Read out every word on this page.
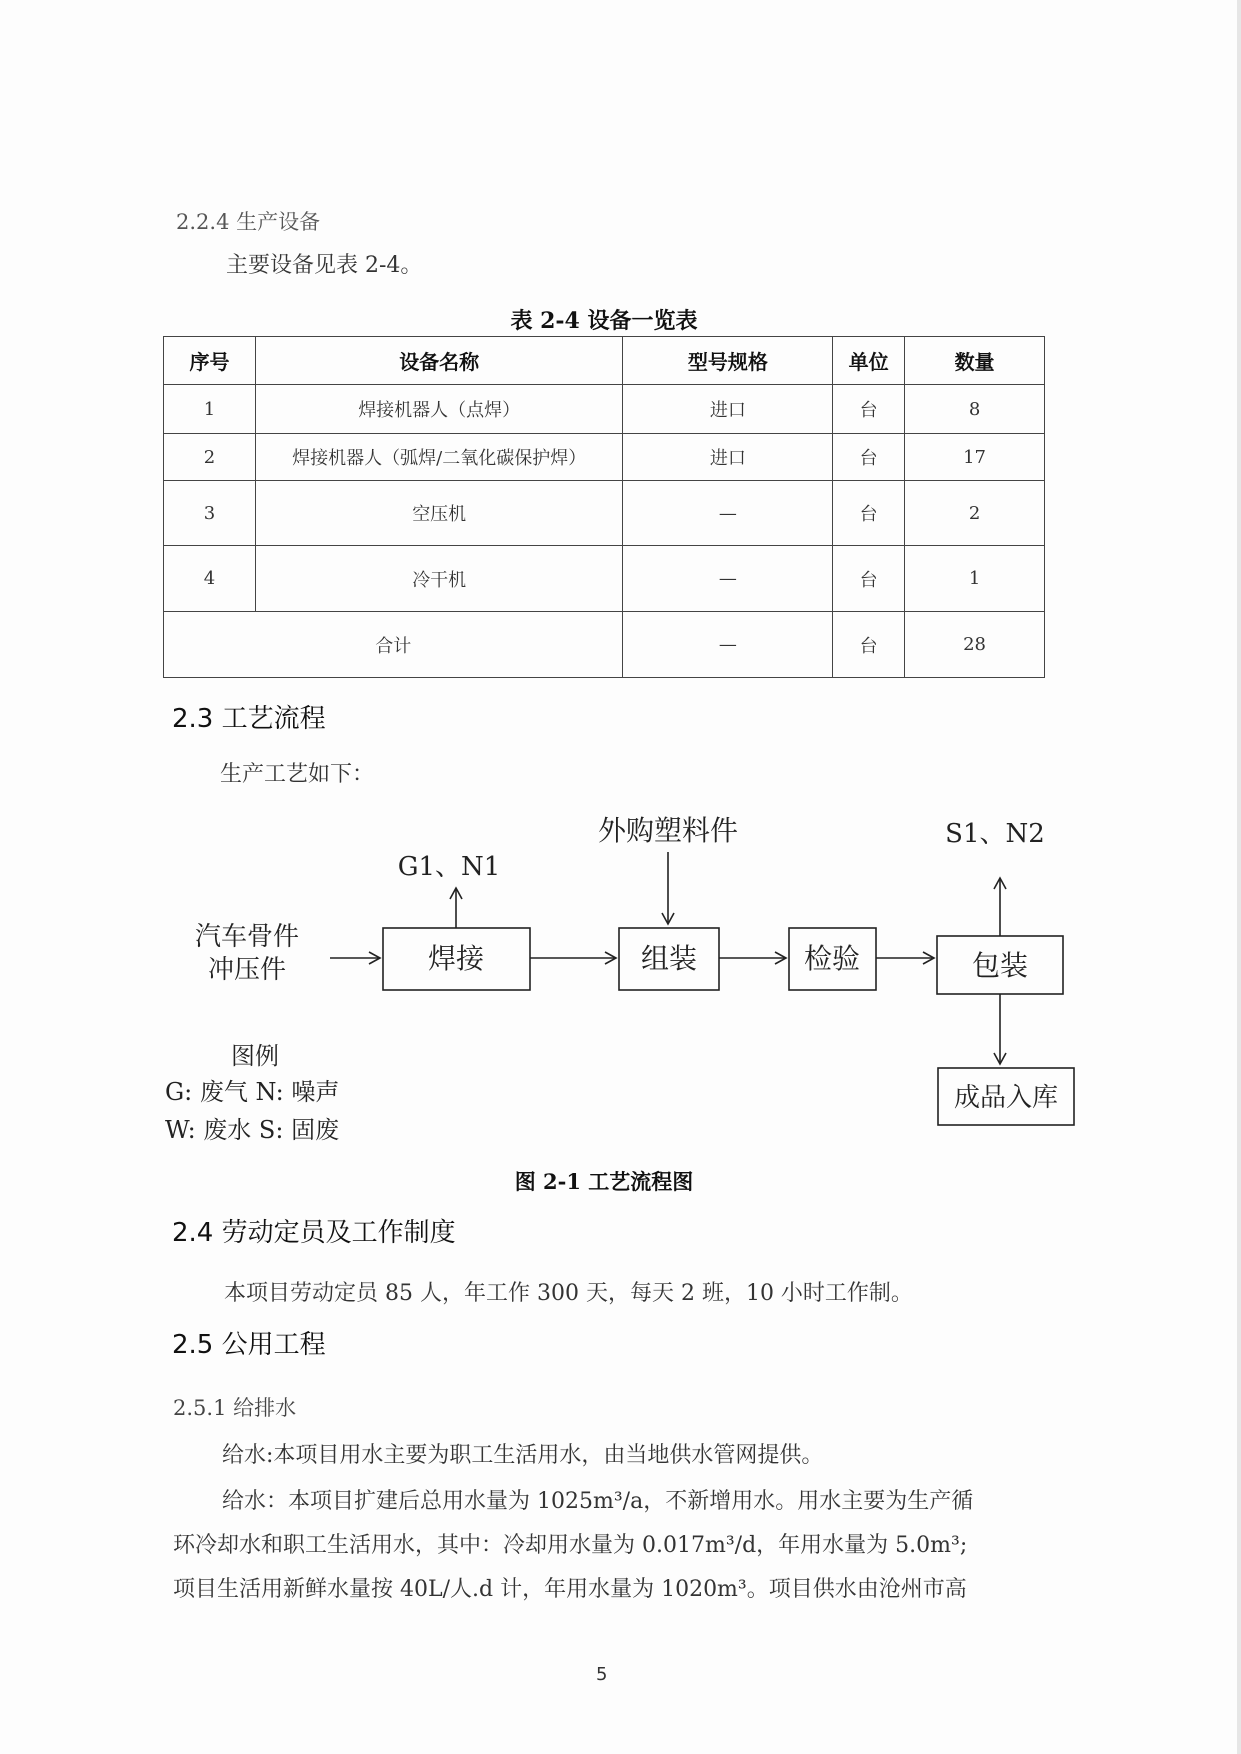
2.2.4 生产设备
主要设备见表 2-4。
表 2-4 设备一览表
序号	设备名称	型号规格	单位	数量
1	焊接机器人（点焊）	进口	台	8
2	焊接机器人（弧焊/二氧化碳保护焊）	进口	台	17
3	空压机	—	台	2
4	冷干机	—	台	1
合计		—	台	28
2.3 工艺流程
生产工艺如下：
汽车骨件
冲压件	焊接
G1、N1
组装
外购塑料件
检验	包装
S1、N2
成品入库
图例
G: 废气 N: 噪声
W: 废水 S: 固废
图 2-1 工艺流程图
2.4 劳动定员及工作制度
本项目劳动定员 85 人，年工作 300 天，每天 2 班，10 小时工作制。
2.5 公用工程
2.5.1 给排水
给水:本项目用水主要为职工生活用水，由当地供水管网提供。
给水：本项目扩建后总用水量为 1025m³/a，不新增用水。用水主要为生产循
环冷却水和职工生活用水，其中：冷却用水量为 0.017m³/d，年用水量为 5.0m³;
项目生活用新鲜水量按 40L/人.d 计，年用水量为 1020m³。项目供水由沧州市高
5
